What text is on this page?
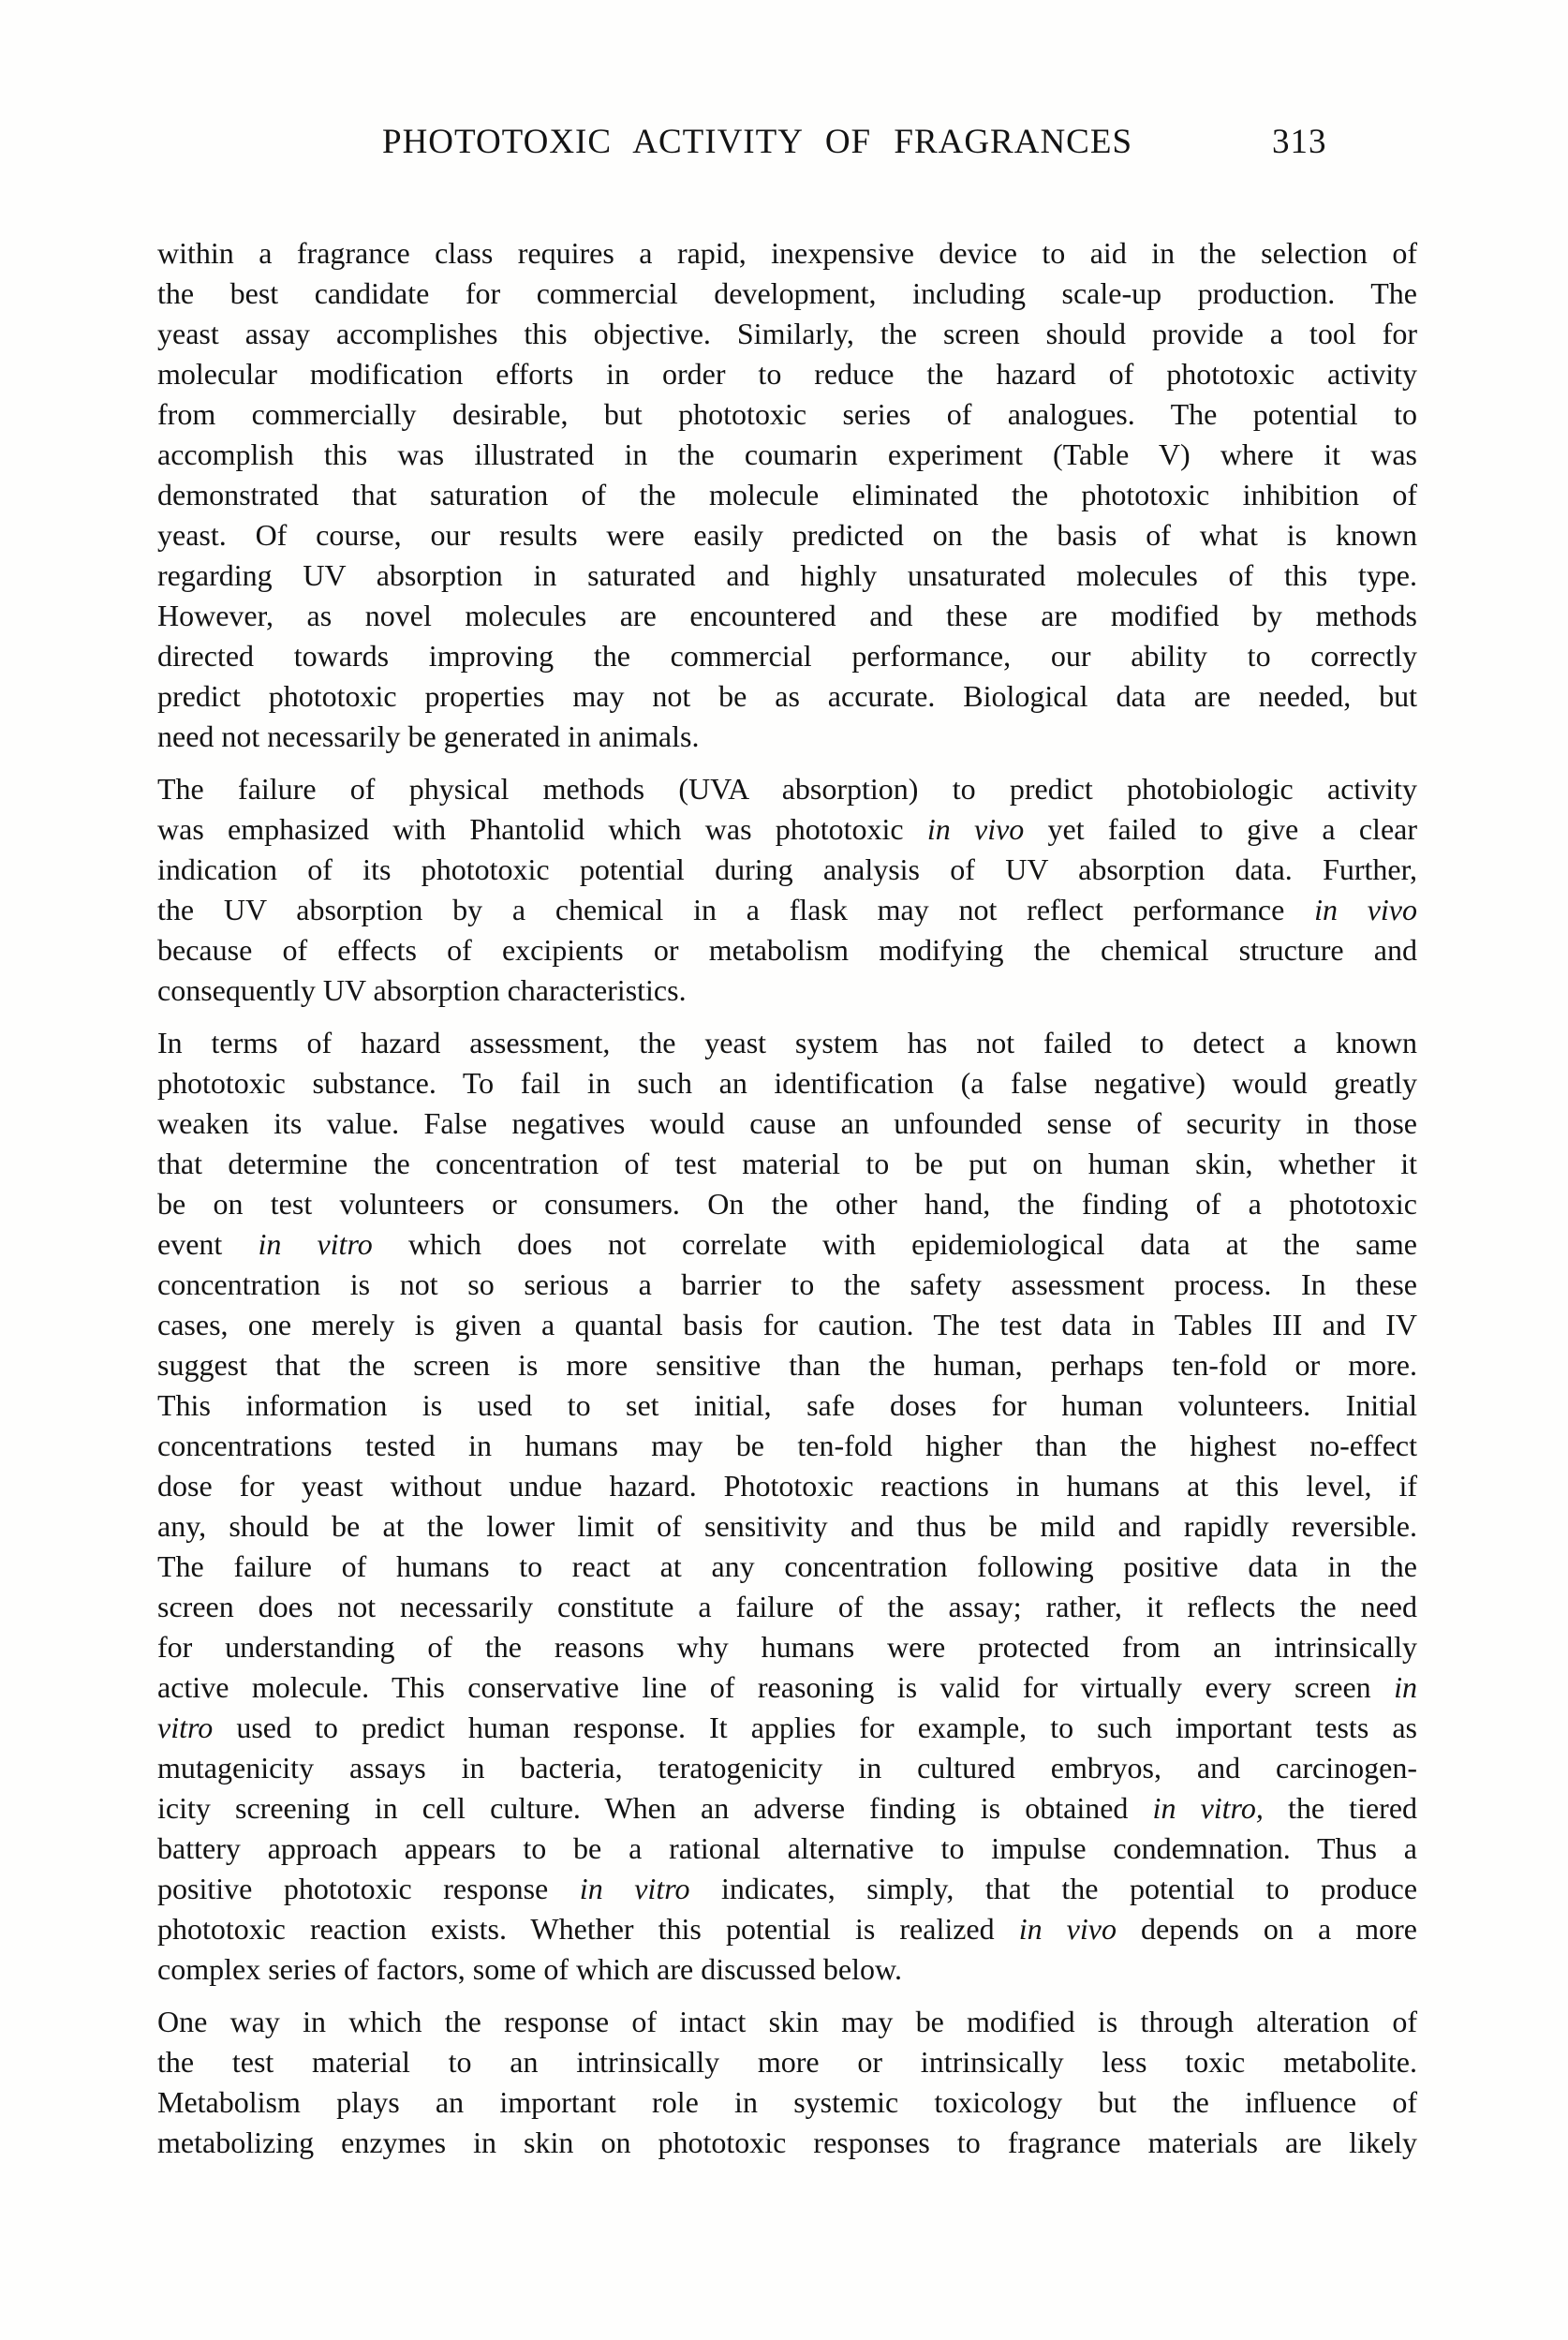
PHOTOTOXIC ACTIVITY OF FRAGRANCES	313
within a fragrance class requires a rapid, inexpensive device to aid in the selection of
the best candidate for commercial development, including scale-up production. The
yeast assay accomplishes this objective. Similarly, the screen should provide a tool for
molecular modification efforts in order to reduce the hazard of phototoxic activity
from commercially desirable, but phototoxic series of analogues. The potential to
accomplish this was illustrated in the coumarin experiment (Table V) where it was
demonstrated that saturation of the molecule eliminated the phototoxic inhibition of
yeast. Of course, our results were easily predicted on the basis of what is known
regarding UV absorption in saturated and highly unsaturated molecules of this type.
However, as novel molecules are encountered and these are modified by methods
directed towards improving the commercial performance, our ability to correctly
predict phototoxic properties may not be as accurate. Biological data are needed, but
need not necessarily be generated in animals.
The failure of physical methods (UVA absorption) to predict photobiologic activity
was emphasized with Phantolid which was phototoxic in vivo yet failed to give a clear
indication of its phototoxic potential during analysis of UV absorption data. Further,
the UV absorption by a chemical in a flask may not reflect performance in vivo
because of effects of excipients or metabolism modifying the chemical structure and
consequently UV absorption characteristics.
In terms of hazard assessment, the yeast system has not failed to detect a known
phototoxic substance. To fail in such an identification (a false negative) would greatly
weaken its value. False negatives would cause an unfounded sense of security in those
that determine the concentration of test material to be put on human skin, whether it
be on test volunteers or consumers. On the other hand, the finding of a phototoxic
event in vitro which does not correlate with epidemiological data at the same
concentration is not so serious a barrier to the safety assessment process. In these
cases, one merely is given a quantal basis for caution. The test data in Tables III and IV
suggest that the screen is more sensitive than the human, perhaps ten-fold or more.
This information is used to set initial, safe doses for human volunteers. Initial
concentrations tested in humans may be ten-fold higher than the highest no-effect
dose for yeast without undue hazard. Phototoxic reactions in humans at this level, if
any, should be at the lower limit of sensitivity and thus be mild and rapidly reversible.
The failure of humans to react at any concentration following positive data in the
screen does not necessarily constitute a failure of the assay; rather, it reflects the need
for understanding of the reasons why humans were protected from an intrinsically
active molecule. This conservative line of reasoning is valid for virtually every screen in
vitro used to predict human response. It applies for example, to such important tests as
mutagenicity assays in bacteria, teratogenicity in cultured embryos, and carcinogen-
icity screening in cell culture. When an adverse finding is obtained in vitro, the tiered
battery approach appears to be a rational alternative to impulse condemnation. Thus a
positive phototoxic response in vitro indicates, simply, that the potential to produce
phototoxic reaction exists. Whether this potential is realized in vivo depends on a more
complex series of factors, some of which are discussed below.
One way in which the response of intact skin may be modified is through alteration of
the test material to an intrinsically more or intrinsically less toxic metabolite.
Metabolism plays an important role in systemic toxicology but the influence of
metabolizing enzymes in skin on phototoxic responses to fragrance materials are likely
